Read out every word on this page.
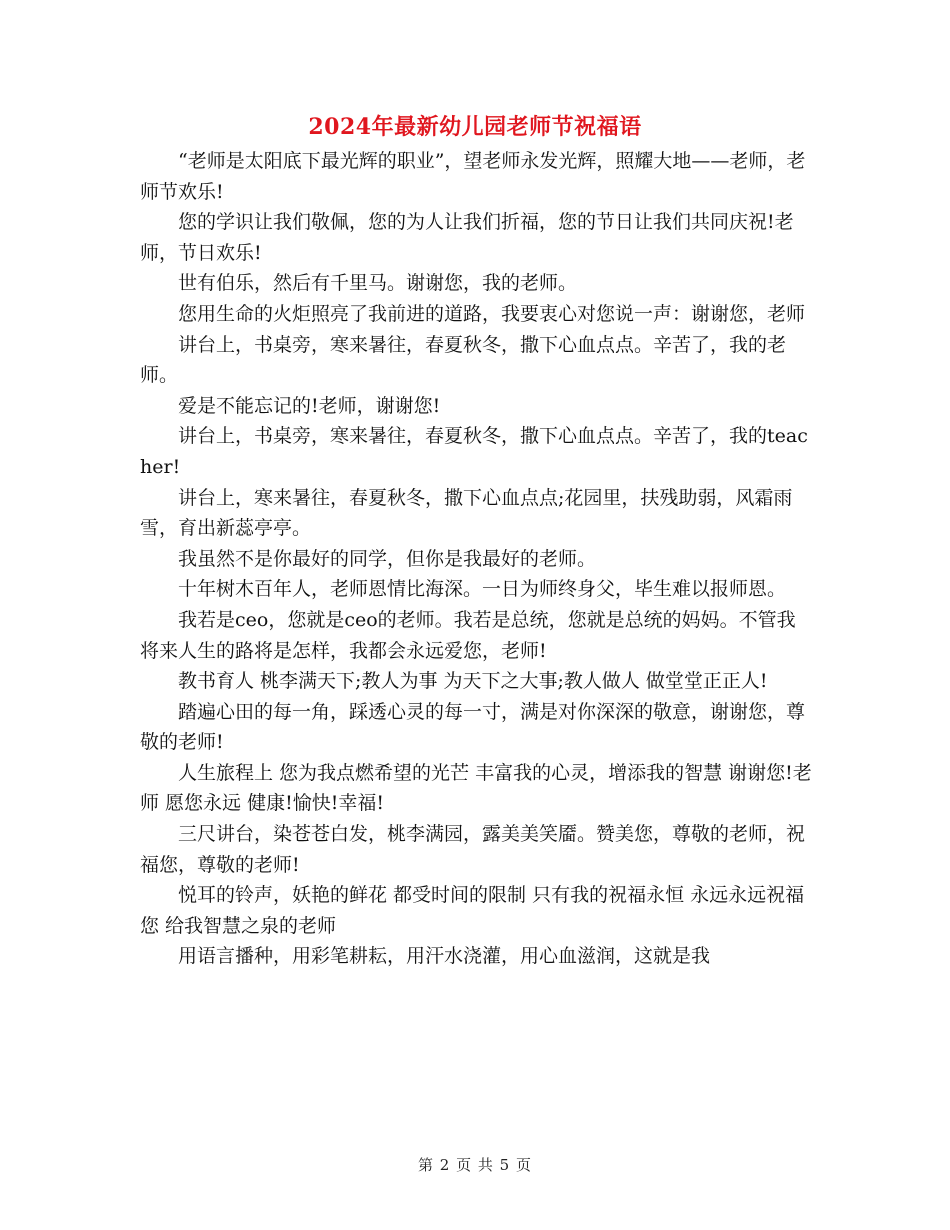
2024年最新幼儿园老师节祝福语

“老师是太阳底下最光辉的职业”，望老师永发光辉，照耀大地——老师，老师节欢乐!

您的学识让我们敬佩，您的为人让我们折福，您的节日让我们共同庆祝!老师，节日欢乐!

世有伯乐，然后有千里马。谢谢您，我的老师。

您用生命的火炬照亮了我前进的道路，我要衷心对您说一声：谢谢您，老师

讲台上，书桌旁，寒来暑往，春夏秋冬，撒下心血点点。辛苦了，我的老师。

爱是不能忘记的!老师，谢谢您!

讲台上，书桌旁，寒来暑往，春夏秋冬，撒下心血点点。辛苦了，我的teacher!

讲台上，寒来暑往，春夏秋冬，撒下心血点点;花园里，扶残助弱，风霜雨雪，育出新蕊亭亭。

我虽然不是你最好的同学，但你是我最好的老师。

十年树木百年人，老师恩情比海深。一日为师终身父，毕生难以报师恩。

我若是ceo，您就是ceo的老师。我若是总统，您就是总统的妈妈。不管我将来人生的路将是怎样，我都会永远爱您，老师!

教书育人 桃李满天下;教人为事 为天下之大事;教人做人 做堂堂正正人!

踏遍心田的每一角，踩透心灵的每一寸，满是对你深深的敬意，谢谢您，尊敬的老师!

人生旅程上 您为我点燃希望的光芒 丰富我的心灵，增添我的智慧 谢谢您!老师 愿您永远 健康!愉快!幸福!

三尺讲台，染苍苍白发，桃李满园，露美美笑靥。赞美您，尊敬的老师，祝福您，尊敬的老师!

悦耳的铃声，妖艳的鲜花 都受时间的限制 只有我的祝福永恒 永远永远祝福您 给我智慧之泉的老师

用语言播种，用彩笔耕耘，用汗水浇灌，用心血滋润，这就是我

第 2 页 共 5 页
